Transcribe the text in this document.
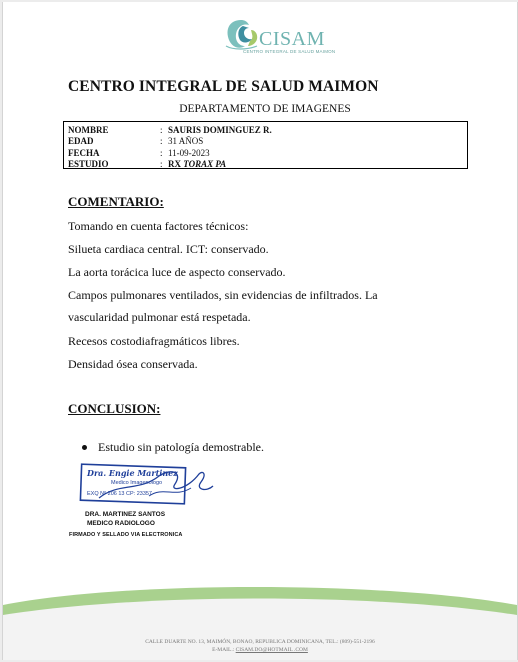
CISAM
CENTRO INTEGRAL DE SALUD MAIMON
CENTRO INTEGRAL DE SALUD MAIMON
DEPARTAMENTO DE IMAGENES
NOMBRE	: SAURIS DOMINGUEZ R.
EDAD	: 31 AÑOS
FECHA	: 11-09-2023
ESTUDIO	: RX TORAX PA
COMENTARIO:
Tomando en cuenta factores técnicos:
Silueta cardiaca central. ICT: conservado.
La aorta torácica luce de aspecto conservado.
Campos pulmonares ventilados, sin evidencias de infiltrados. La
vascularidad pulmonar está respetada.
Recesos costodiafragmáticos libres.
Densidad ósea conservada.
CONCLUSION:
Estudio sin patología demostrable.
Dra. Engie Martinez
Medico Imagenologo
EXQ Nº 206 13 CP: 23357
DRA. MARTINEZ SANTOS
MEDICO RADIOLOGO
FIRMADO Y SELLADO VIA ELECTRONICA
CALLE DUARTE NO. 13, MAIMÓN, BONAO, REPUBLICA DOMINICANA, TEL.: (809)-551-2196
E-MAIL.: CISAM.DO@HOTMAIL .COM
